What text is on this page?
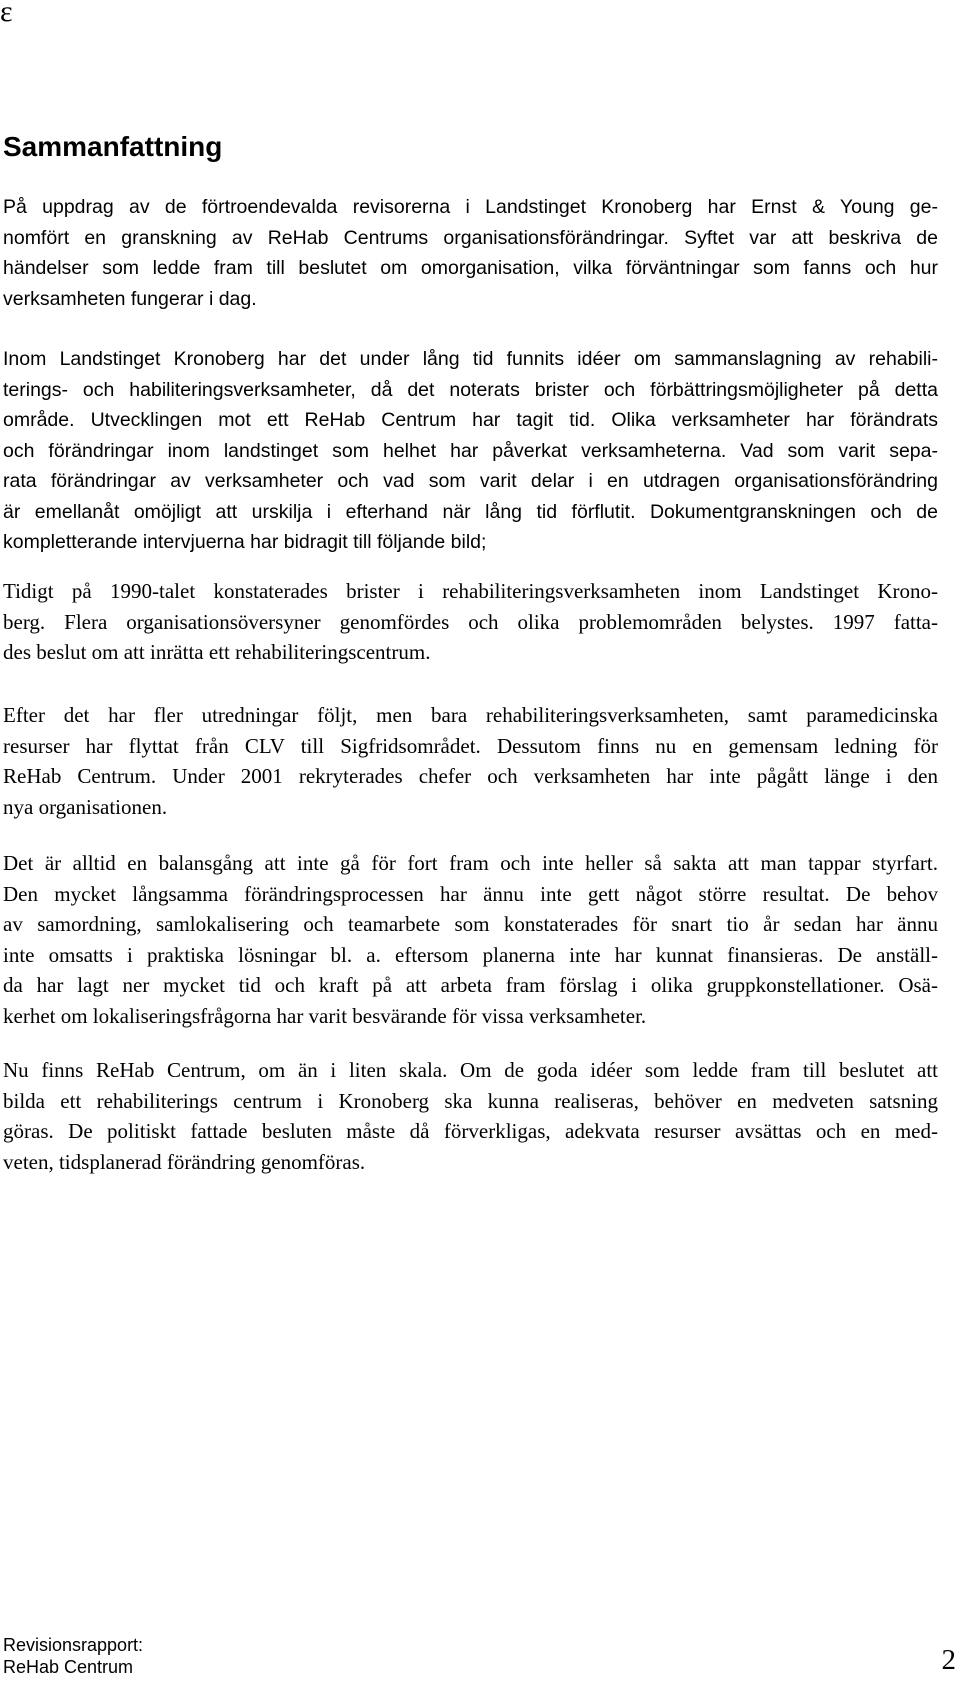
ε
Sammanfattning

På uppdrag av de förtroendevalda revisorerna i Landstinget Kronoberg har Ernst & Young ge-
nomfört en granskning av ReHab Centrums organisationsförändringar. Syftet var att beskriva de
händelser som ledde fram till beslutet om omorganisation, vilka förväntningar som fanns och hur
verksamheten fungerar i dag.

Inom Landstinget Kronoberg har det under lång tid funnits idéer om sammanslagning av rehabili-
terings- och habiliteringsverksamheter, då det noterats brister och förbättringsmöjligheter på detta
område. Utvecklingen mot ett ReHab Centrum har tagit tid. Olika verksamheter har förändrats
och förändringar inom landstinget som helhet har påverkat verksamheterna. Vad som varit sepa-
rata förändringar av verksamheter och vad som varit delar i en utdragen organisationsförändring
är emellanåt omöjligt att urskilja i efterhand när lång tid förflutit. Dokumentgranskningen och de
kompletterande intervjuerna har bidragit till följande bild;

Tidigt på 1990-talet konstaterades brister i rehabiliteringsverksamheten inom Landstinget Krono-
berg. Flera organisationsöversyner genomfördes och olika problemområden belystes. 1997 fatta-
des beslut om att inrätta ett rehabiliteringscentrum.

Efter det har fler utredningar följt, men bara rehabiliteringsverksamheten, samt paramedicinska
resurser har flyttat från CLV till Sigfridsområdet. Dessutom finns nu en gemensam ledning för
ReHab Centrum. Under 2001 rekryterades chefer och verksamheten har inte pågått länge i den
nya organisationen.

Det är alltid en balansgång att inte gå för fort fram och inte heller så sakta att man tappar styrfart.
Den mycket långsamma förändringsprocessen har ännu inte gett något större resultat. De behov
av samordning, samlokalisering och teamarbete som konstaterades för snart tio år sedan har ännu
inte omsatts i praktiska lösningar bl. a. eftersom planerna inte har kunnat finansieras. De anställ-
da har lagt ner mycket tid och kraft på att arbeta fram förslag i olika gruppkonstellationer. Osä-
kerhet om lokaliseringsfrågorna har varit besvärande för vissa verksamheter.

Nu finns ReHab Centrum, om än i liten skala. Om de goda idéer som ledde fram till beslutet att
bilda ett rehabiliterings centrum i Kronoberg ska kunna realiseras, behöver en medveten satsning
göras. De politiskt fattade besluten måste då förverkligas, adekvata resurser avsättas och en med-
veten, tidsplanerad förändring genomföras.

Revisionsrapport:
ReHab Centrum	2
